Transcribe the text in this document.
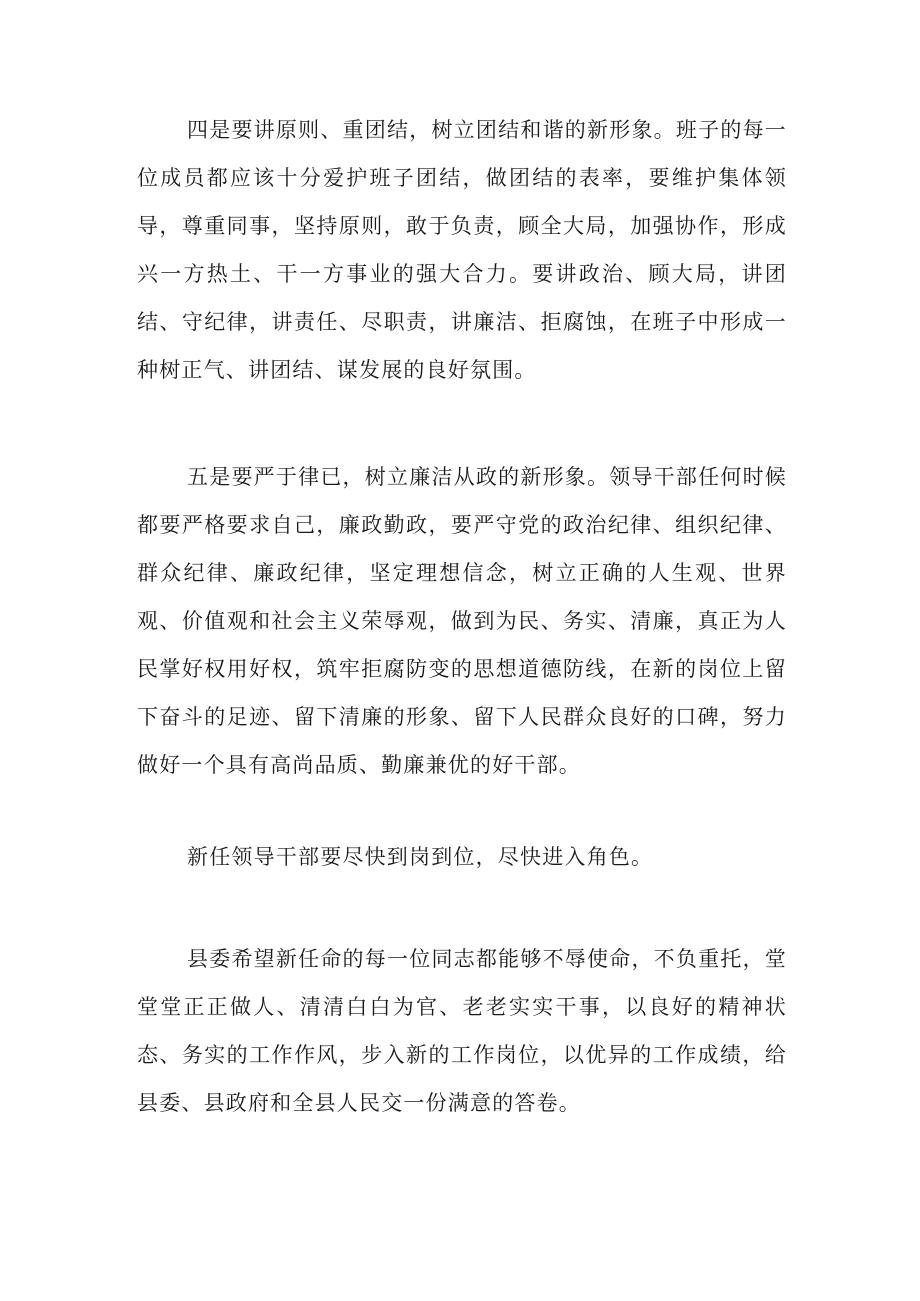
四是要讲原则、重团结，树立团结和谐的新形象。班子的每一位成员都应该十分爱护班子团结，做团结的表率，要维护集体领导，尊重同事，坚持原则，敢于负责，顾全大局，加强协作，形成兴一方热土、干一方事业的强大合力。要讲政治、顾大局，讲团结、守纪律，讲责任、尽职责，讲廉洁、拒腐蚀，在班子中形成一种树正气、讲团结、谋发展的良好氛围。

五是要严于律已，树立廉洁从政的新形象。领导干部任何时候都要严格要求自己，廉政勤政，要严守党的政治纪律、组织纪律、群众纪律、廉政纪律，坚定理想信念，树立正确的人生观、世界观、价值观和社会主义荣辱观，做到为民、务实、清廉，真正为人民掌好权用好权，筑牢拒腐防变的思想道德防线，在新的岗位上留下奋斗的足迹、留下清廉的形象、留下人民群众良好的口碑，努力做好一个具有高尚品质、勤廉兼优的好干部。

新任领导干部要尽快到岗到位，尽快进入角色。

县委希望新任命的每一位同志都能够不辱使命，不负重托，堂堂堂正正做人、清清白白为官、老老实实干事，以良好的精神状态、务实的工作作风，步入新的工作岗位，以优异的工作成绩，给县委、县政府和全县人民交一份满意的答卷。
